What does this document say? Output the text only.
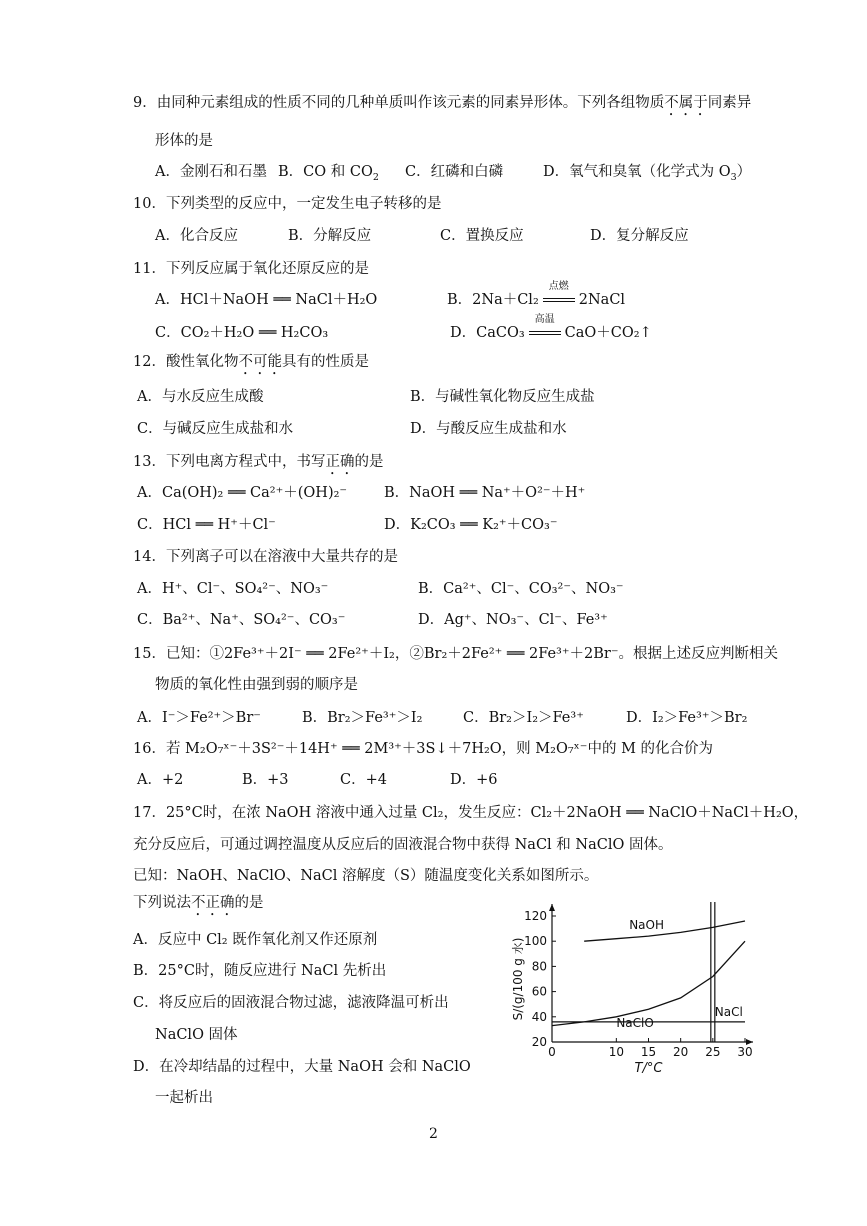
9．由同种元素组成的性质不同的几种单质叫作该元素的同素异形体。下列各组物质不属于同素异
形体的是
A．金刚石和石墨 B．CO 和 $CO_2$ C．红磷和白磷	D．氧气和臭氧（化学式为 $O_3$）
10．下列类型的反应中，一定发生电子转移的是
A．化合反应	B．分解反应	C．置换反应	D．复分解反应
11．下列反应属于氧化还原反应的是
A．HCl＋NaOH ══ NaCl＋H₂O	B．2Na＋Cl₂
点燃
2NaCl
C．CO₂＋H₂O ══ H₂CO₃	D．CaCO₃
高温
CaO＋CO₂↑
12．酸性氧化物不可能具有的性质是
A．与水反应生成酸	B．与碱性氧化物反应生成盐
C．与碱反应生成盐和水	D．与酸反应生成盐和水
13．下列电离方程式中，书写正确的是
A．Ca(OH)₂ ══ Ca²⁺＋(OH)₂⁻	B．NaOH ══ Na⁺＋O²⁻＋H⁺
C．HCl ══ H⁺＋Cl⁻	D．K₂CO₃ ══ K₂⁺＋CO₃⁻
14．下列离子可以在溶液中大量共存的是
A．H⁺、Cl⁻、SO₄²⁻、NO₃⁻	B．Ca²⁺、Cl⁻、CO₃²⁻、NO₃⁻
C．Ba²⁺、Na⁺、SO₄²⁻、CO₃⁻	D．Ag⁺、NO₃⁻、Cl⁻、Fe³⁺
15．已知：①2Fe³⁺＋2I⁻ ══ 2Fe²⁺＋I₂，②Br₂＋2Fe²⁺ ══ 2Fe³⁺＋2Br⁻。根据上述反应判断相关
物质的氧化性由强到弱的顺序是
A．I⁻＞Fe²⁺＞Br⁻	B．Br₂＞Fe³⁺＞I₂	C．Br₂＞I₂＞Fe³⁺	D．I₂＞Fe³⁺＞Br₂
16．若 M₂O₇ˣ⁻＋3S²⁻＋14H⁺ ══ 2M³⁺＋3S↓＋7H₂O，则 M₂O₇ˣ⁻中的 M 的化合价为
A．+2	B．+3	C．+4	D．+6
17．25°C时，在浓 NaOH 溶液中通入过量 Cl₂，发生反应：Cl₂＋2NaOH ══ NaClO＋NaCl＋H₂O，
充分反应后，可通过调控温度从反应后的固液混合物中获得 NaCl 和 NaClO 固体。
已知：NaOH、NaClO、NaCl 溶解度（S）随温度变化关系如图所示。
下列说法不正确的是
A．反应中 Cl₂ 既作氧化剂又作还原剂
B．25°C时，随反应进行 NaCl 先析出
C．将反应后的固液混合物过滤，滤液降温可析出
NaClO 固体
D．在冷却结晶的过程中，大量 NaOH 会和 NaClO
一起析出
0	10 15 20 25 30
20
40
60
80
100
120
T/°C
S/(g/100 g 水)
NaOH
NaClO
NaCl
2
